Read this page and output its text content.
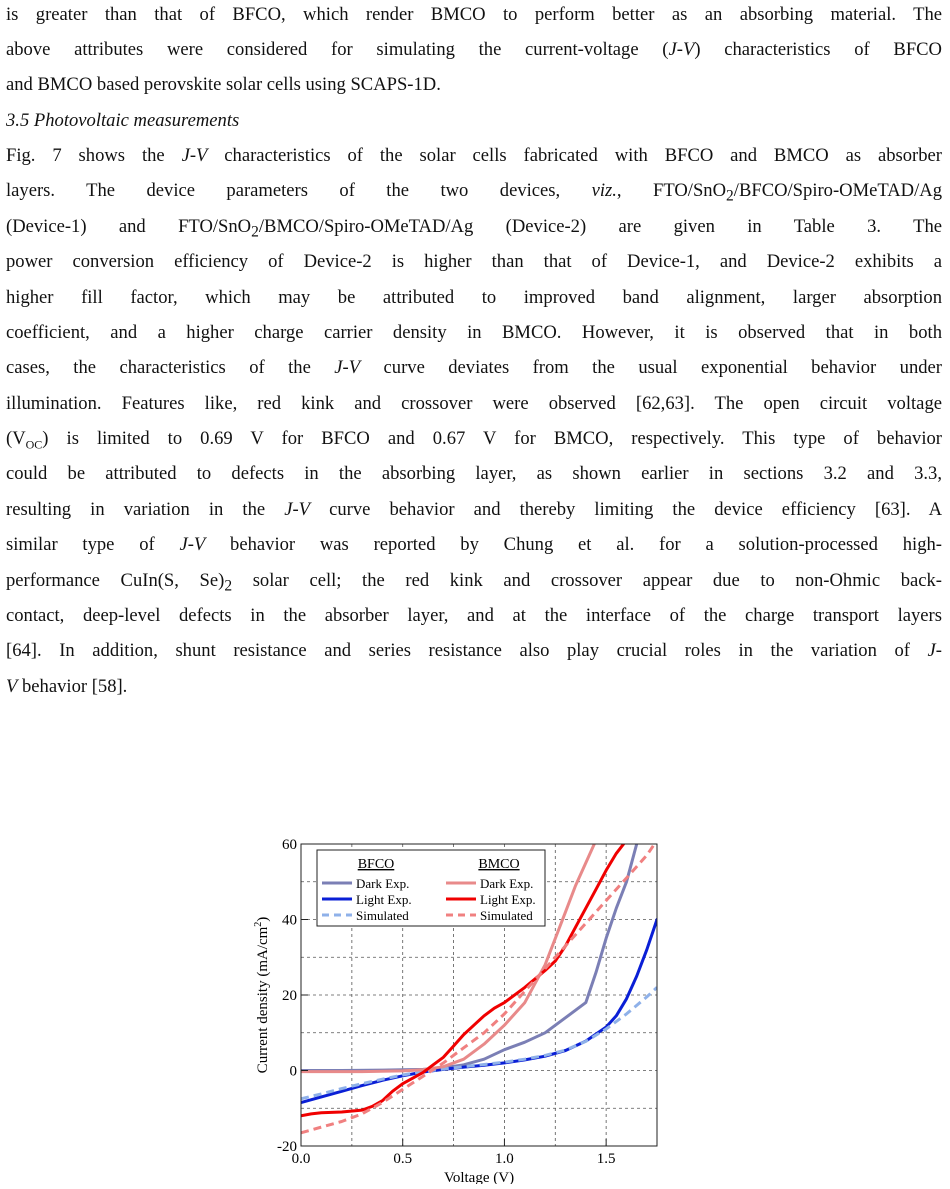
is greater than that of BFCO, which render BMCO to perform better as an absorbing material. The
above attributes were considered for simulating the current-voltage (J-V) characteristics of BFCO
and BMCO based perovskite solar cells using SCAPS-1D.
3.5 Photovoltaic measurements
Fig. 7 shows the J-V characteristics of the solar cells fabricated with BFCO and BMCO as absorber
layers. The device parameters of the two devices, viz., FTO/SnO$_2$/BFCO/Spiro-OMeTAD/Ag
(Device-1) and FTO/SnO$_2$/BMCO/Spiro-OMeTAD/Ag (Device-2) are given in Table 3. The
power conversion efficiency of Device-2 is higher than that of Device-1, and Device-2 exhibits a
higher fill factor, which may be attributed to improved band alignment, larger absorption
coefficient, and a higher charge carrier density in BMCO. However, it is observed that in both
cases, the characteristics of the J-V curve deviates from the usual exponential behavior under
illumination. Features like, red kink and crossover were observed [62,63]. The open circuit voltage
$(V_{OC})$ is limited to 0.69 V for BFCO and 0.67 V for BMCO, respectively. This type of behavior
could be attributed to defects in the absorbing layer, as shown earlier in sections 3.2 and 3.3,
resulting in variation in the J-V curve behavior and thereby limiting the device efficiency [63]. A
similar type of J-V behavior was reported by Chung et al. for a solution-processed high-
performance CuIn(S, $Se)_2$ solar cell; the red kink and crossover appear due to non-Ohmic back-
contact, deep-level defects in the absorber layer, and at the interface of the charge transport layers
[64]. In addition, shunt resistance and series resistance also play crucial roles in the variation of J-
V behavior [58].
0.0	0.5	1.0	1.5
-20
0
20
40
60
BFCO	BMCO
Dark Exp.
Light Exp.
Simulated
Dark Exp.
Light Exp.
Simulated
Voltage (V)
Current density $(mA/cm^2)$
